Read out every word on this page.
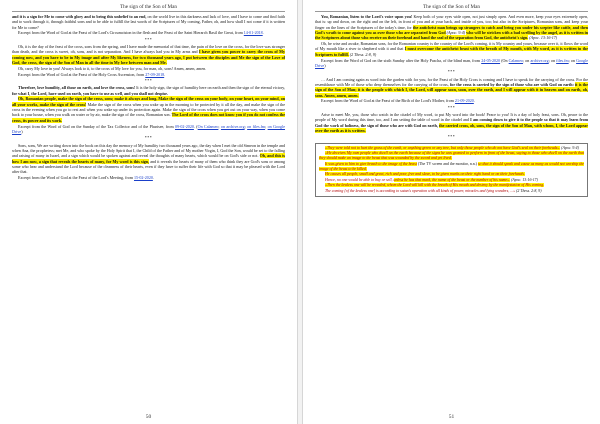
The sign of the Son of Man

and it is a sign for Me to come with glory and to bring this unbelief to an end, on the world live in this darkness and lack of love, and I have to come and find faith and to work through it, through faithful sons and to be able to fulfill the last words of the Scriptures of My coming, Father, oh, and how shall I not come if it is written for Me to come?

Excerpt from the Word of God at the Feast of the Lord's Circumcision in the flesh and the Feast of the Saint Hierarch Basil the Great, from 14-01-2018.

***

Oh, it is the day of the feast of the cross, sons from the spring, and I have made the memorial of that time, the pain of the love on the cross, for the love was stronger than death, and the cross is sweet, oh, sons, and is not separation. And I have always had you in My arms and I have given you power to carry the cross of My coming now, and you have to be in My image and after My likeness, for two thousand years ago, I put between the disciples and Me the sign of the Love of God, the cross, the sign of the Son of Man in all the time in My love between man and Me.

Oh, carry My love in you! Always look to it, to the cross of My love for you, for man, oh, sons! Amen, amen, amen.

Excerpt from the Word of God at the Feast of the Holy Cross Ascension, from 27-09-2018.

***

Therefore, love humility, all those on earth, and love the cross, sons! It is the holy sign, the sign of humility here on earth and then the sign of the eternal victory, for what I, the Lord, have used on earth, you have to use as well, and you shall not despise.

Oh, Romanian people, make the sign of the cross, sons; make it always and long. Make the sign of the cross on your body, on your heart, on your mind, on all your works, make the sign of the cross! Make the sign of the cross when you wake up in the morning to be protected by it all the day, and make the sign of the cross in the evening when you go to rest and when you wake up under its protection again. Make the sign of the cross when you get out on your way, when you come back to your house, when you walk on water or by air, make the sign of the cross, Romanian son. The Lord of the cross does not know you if you do not confess the cross, its power and its work.

Excerpt from the Word of God on the Sunday of the Tax Collector and of the Pharisee, from 09-02-2020. (On Calameo; on archive.org; on files.fm; on Google Drive)

***

Sons, sons, We are writing down into the book on this day the memory of My humility two thousand years ago, the day when I met the old Simeon in the temple and when Ana, the prophetess; met Me, and who spoke by the Holy Spirit that I, the Child of the Father and of My mother Virgin, I, God the Son, would be set to the falling and raising of many in Israel, and a sign which would be spoken against and reveal the thoughts of many hearts, which would be on God's side or not. Oh, and this is how I am now, a sign that reveals the hearts of many, for My word is this sign, and it reveals the hearts of many of them who think they are God's sons or among some who hear and understand the Lord because of the cleanness of their hearts, even if they have to suffer their life with God so that it may be pleased with the Lord after that.

Excerpt from the Word of God at the Feast of the Lord's Meeting, from 15-02-2020.

50
The sign of the Son of Man

You, Romanian, listen to the Lord's voice upon you! Keep both of your eyes wide open, not just simply open. And even more, keep your eyes extremely open, that is: up and down, on the right and on the left, in front of you and at your back, and inside of you, too; but also in the Scriptures, Romanian sons, and keep your finger on the lines of the Scriptures of the today's time, for the antichrist man brings up strangers to catch and bring you under his scepter like cattle, and then God's wrath to come against you as over those who are separated from God (Apoc. 9:4) who will be stricken with a bad swelling by the angel, as it is written in the Scriptures about those who receive on their forehead and hand the seal of the separation from God, the antichrist's sign. (Apoc. 13:16-17)

Oh, be wise and awake, Romanian sons, for the Romanian country is the country of the Lord's coming, it is My country and yours, because over it, it flows the word of My mouth like a river to shepherd with it and that I must overcome the antichrist beast with the breath of My mouth, with My word, as it is written in the Scriptures to fulfill. (2 Thess. 2:8, 9)

Excerpt from the Word of God on the sixth Sunday after the Holy Pascha, of the blind man, from 24-05-2020 (On Calameo; on archive.org; on files.fm; on Google Drive)

***

… And I am coming again as word into the garden with for you, for the Feast of the Holy Cross is coming and I have to speak for the carrying of the cross. For the resemblance with Me of those who deny themselves for the carrying of the cross, for the cross is carried by the sign of those who are with God on earth: it is the sign of the Son of Man; it is the people with which I, the Lord, will appear soon, soon, over the earth, and I will appear with it in heaven and on earth, oh, sons. Amen, amen, amen.

Excerpt from the Word of God at the Feast of the Birth of the Lord's Mother, from 21-09-2020.

***

Arise to meet Me, you, those who watch in the citadel of My word, to put My word into the book! Peace to you! It is a day of holy feast, sons. Oh, peace to the people of My word during this time, too, and I am setting the table of word in the citadel and I am coming down to give it to the people so that it may learn from God the work of holiness, the sign of those who are with God on earth, the carried cross, oh, sons, the sign of the Son of Man, with whom, I, the Lord appear over the earth as it is written.

***

«They were told not to hurt the grass of the earth, or anything green or any tree, but only those people who do not have God's seal on their foreheads». (Apoc. 9:4)

«He deceives My own people who dwell on the earth because of the signs he was granted to perform in front of the beast, saying to those who dwell on the earth that they should make an image to the beast that was wounded by the sword and yet lived.

It was given to him to give breath to the image of the beast (The TV screen and the monitor, n.n.) so that it should speak and cause as many as would not worship the image of the beast to be killed.

He causes all people, small and great, rich and poor, free and slave, to be given marks on their right hand or on their foreheads.

Hence, no one would be able to buy or sell, unless he has that mark, the name of the beast or the number of his name». (Apoc. 13:16-17)

«Then the lawless one will be revealed, whom the Lord will kill with the breath of His mouth and destroy by the manifestation of His coming.

The coming [of the lawless one] is according to satan's operation with all kinds of power, miracles and lying wonders, ...» (2 Thess. 2:8, 9)

51
